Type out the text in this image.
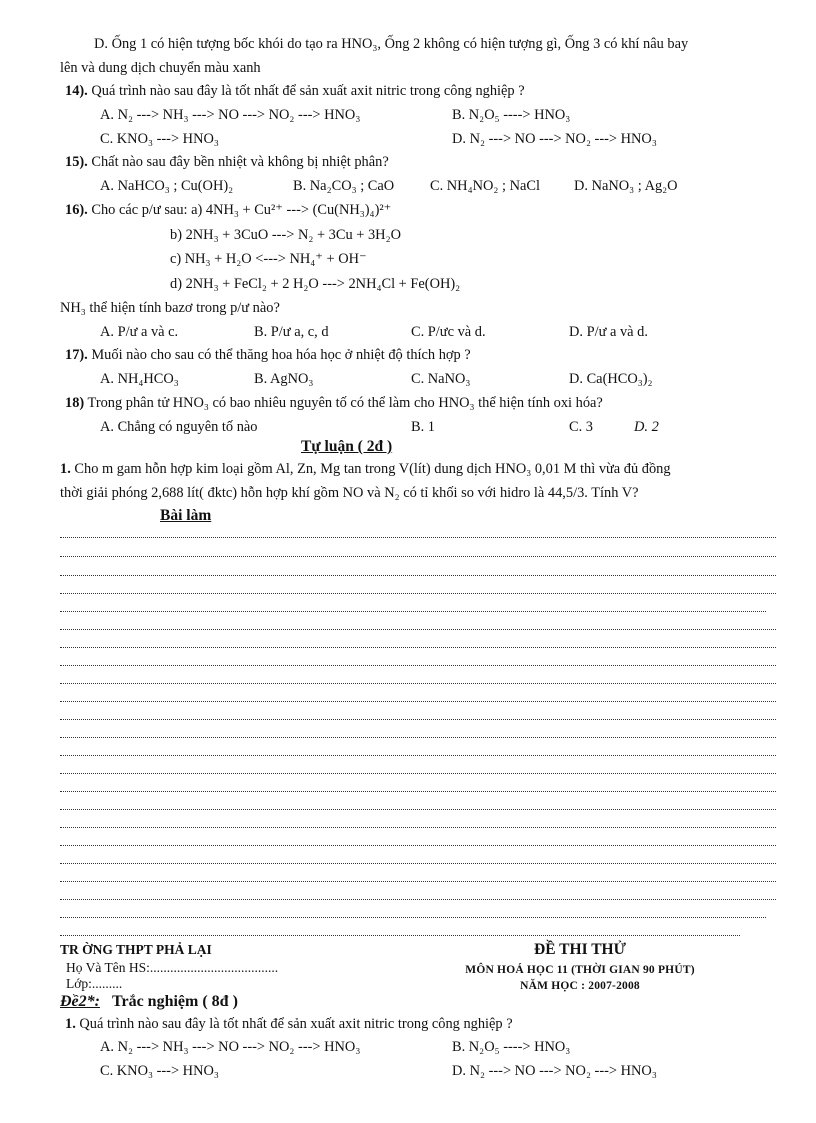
D. Ống 1 có hiện tượng bốc khói do tạo ra HNO₃, Ống 2 không có hiện tượng gì, Ống 3 có khí nâu bay
lên và dung dịch chuyển màu xanh
14). Quá trình nào sau đây là tốt nhất để sản xuất axit nitric trong công nghiệp ?
A. N₂ ---> NH₃ ---> NO ---> NO₂ ---> HNO₃	B. N₂O₅ ----> HNO₃
C. KNO₃ ---> HNO₃	D. N₂ ---> NO ---> NO₂ ---> HNO₃
15). Chất nào sau đây bền nhiệt và không bị nhiệt phân?
A. NaHCO₃ ; Cu(OH)₂	B. Na₂CO₃ ; CaO C. NH₄NO₂ ; NaCl D. NaNO₃ ; Ag₂O
16). Cho các p/ư sau: a) 4NH₃ + Cu²⁺ ---> (Cu(NH₃)₄)²⁺
b) 2NH₃ + 3CuO ---> N₂ + 3Cu + 3H₂O
c) NH₃ + H₂O <---> NH₄⁺ + OH⁻
d) 2NH₃ + FeCl₂ + 2 H₂O ---> 2NH₄Cl + Fe(OH)₂
NH₃ thể hiện tính bazơ trong p/ư nào?
A. P/ư a và c.	B. P/ư a, c, d	C. P/ưc và d.	D. P/ư a và d.
17). Muối nào cho sau có thể thăng hoa hóa học ở nhiệt độ thích hợp ?
A. NH₄HCO₃	B. AgNO₃	C. NaNO₃	D. Ca(HCO₃)₂
18) Trong phân tử HNO₃ có bao nhiêu nguyên tố có thể làm cho HNO₃ thể hiện tính oxi hóa?
A. Chẳng có nguyên tố nào	B. 1	C. 3	D. 2
Tự luận ( 2đ )
1. Cho m gam hỗn hợp kim loại gồm Al, Zn, Mg tan trong V(lít) dung dịch HNO₃ 0,01 M thì vừa đủ đồng
thời giải phóng 2,688 lít( đktc) hỗn hợp khí gồm NO và N₂ có tỉ khối so với hidro là 44,5/3. Tính V?
Bài làm
TR ỜNG THPT PHẢ LẠI
Họ Và Tên HS:......................................
Lớp:.........
ĐỀ THI THỬ
MÔN HOÁ HỌC 11 (THỜI GIAN 90 PHÚT)
NĂM HỌC : 2007-2008
Đề2*: Trắc nghiệm ( 8đ )
1. Quá trình nào sau đây là tốt nhất để sản xuất axit nitric trong công nghiệp ?
A. N₂ ---> NH₃ ---> NO ---> NO₂ ---> HNO₃	B. N₂O₅ ----> HNO₃
C. KNO₃ ---> HNO₃	D. N₂ ---> NO ---> NO₂ ---> HNO₃
